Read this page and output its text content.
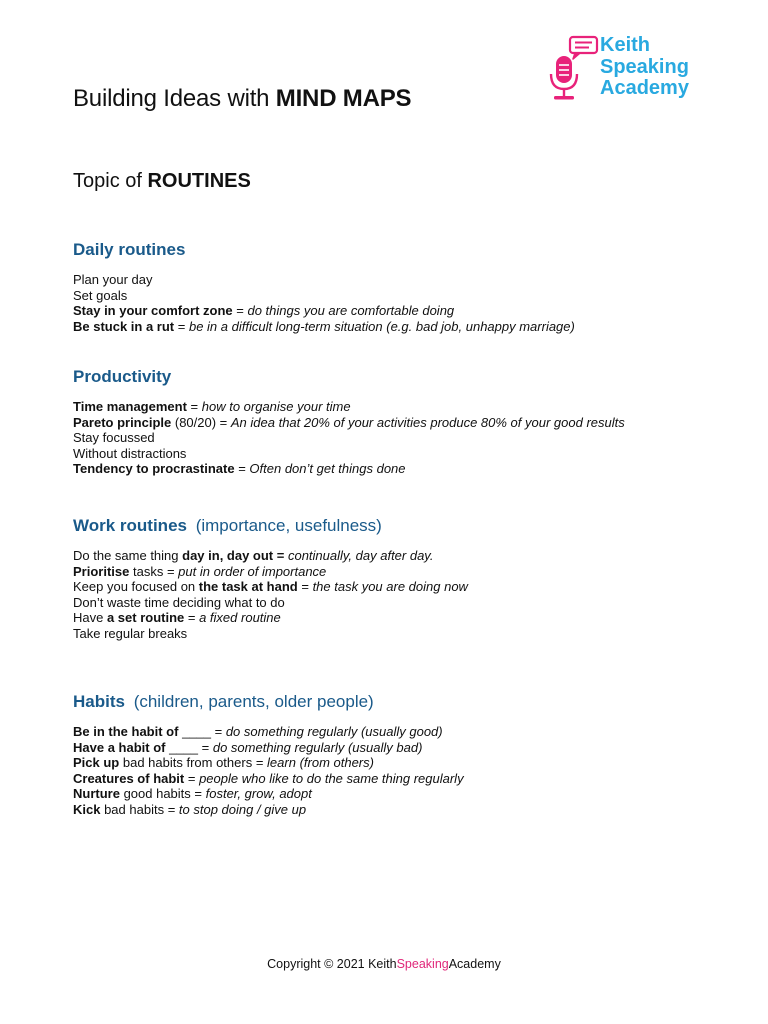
Keith
Speaking
Academy
Building Ideas with MIND MAPS
Topic of ROUTINES
Daily routines
Plan your day
Set goals
Stay in your comfort zone = do things you are comfortable doing
Be stuck in a rut = be in a difficult long-term situation (e.g. bad job, unhappy marriage)
Productivity
Time management = how to organise your time
Pareto principle (80/20) = An idea that 20% of your activities produce 80% of your good results
Stay focussed
Without distractions
Tendency to procrastinate = Often don’t get things done
Work routines (importance, usefulness)
Do the same thing day in, day out = continually, day after day.
Prioritise tasks = put in order of importance
Keep you focused on the task at hand = the task you are doing now
Don’t waste time deciding what to do
Have a set routine = a fixed routine
Take regular breaks
Habits (children, parents, older people)
Be in the habit of ____ = do something regularly (usually good)
Have a habit of ____ = do something regularly (usually bad)
Pick up bad habits from others = learn (from others)
Creatures of habit = people who like to do the same thing regularly
Nurture good habits = foster, grow, adopt
Kick bad habits = to stop doing / give up
Copyright © 2021 KeithSpeakingAcademy
